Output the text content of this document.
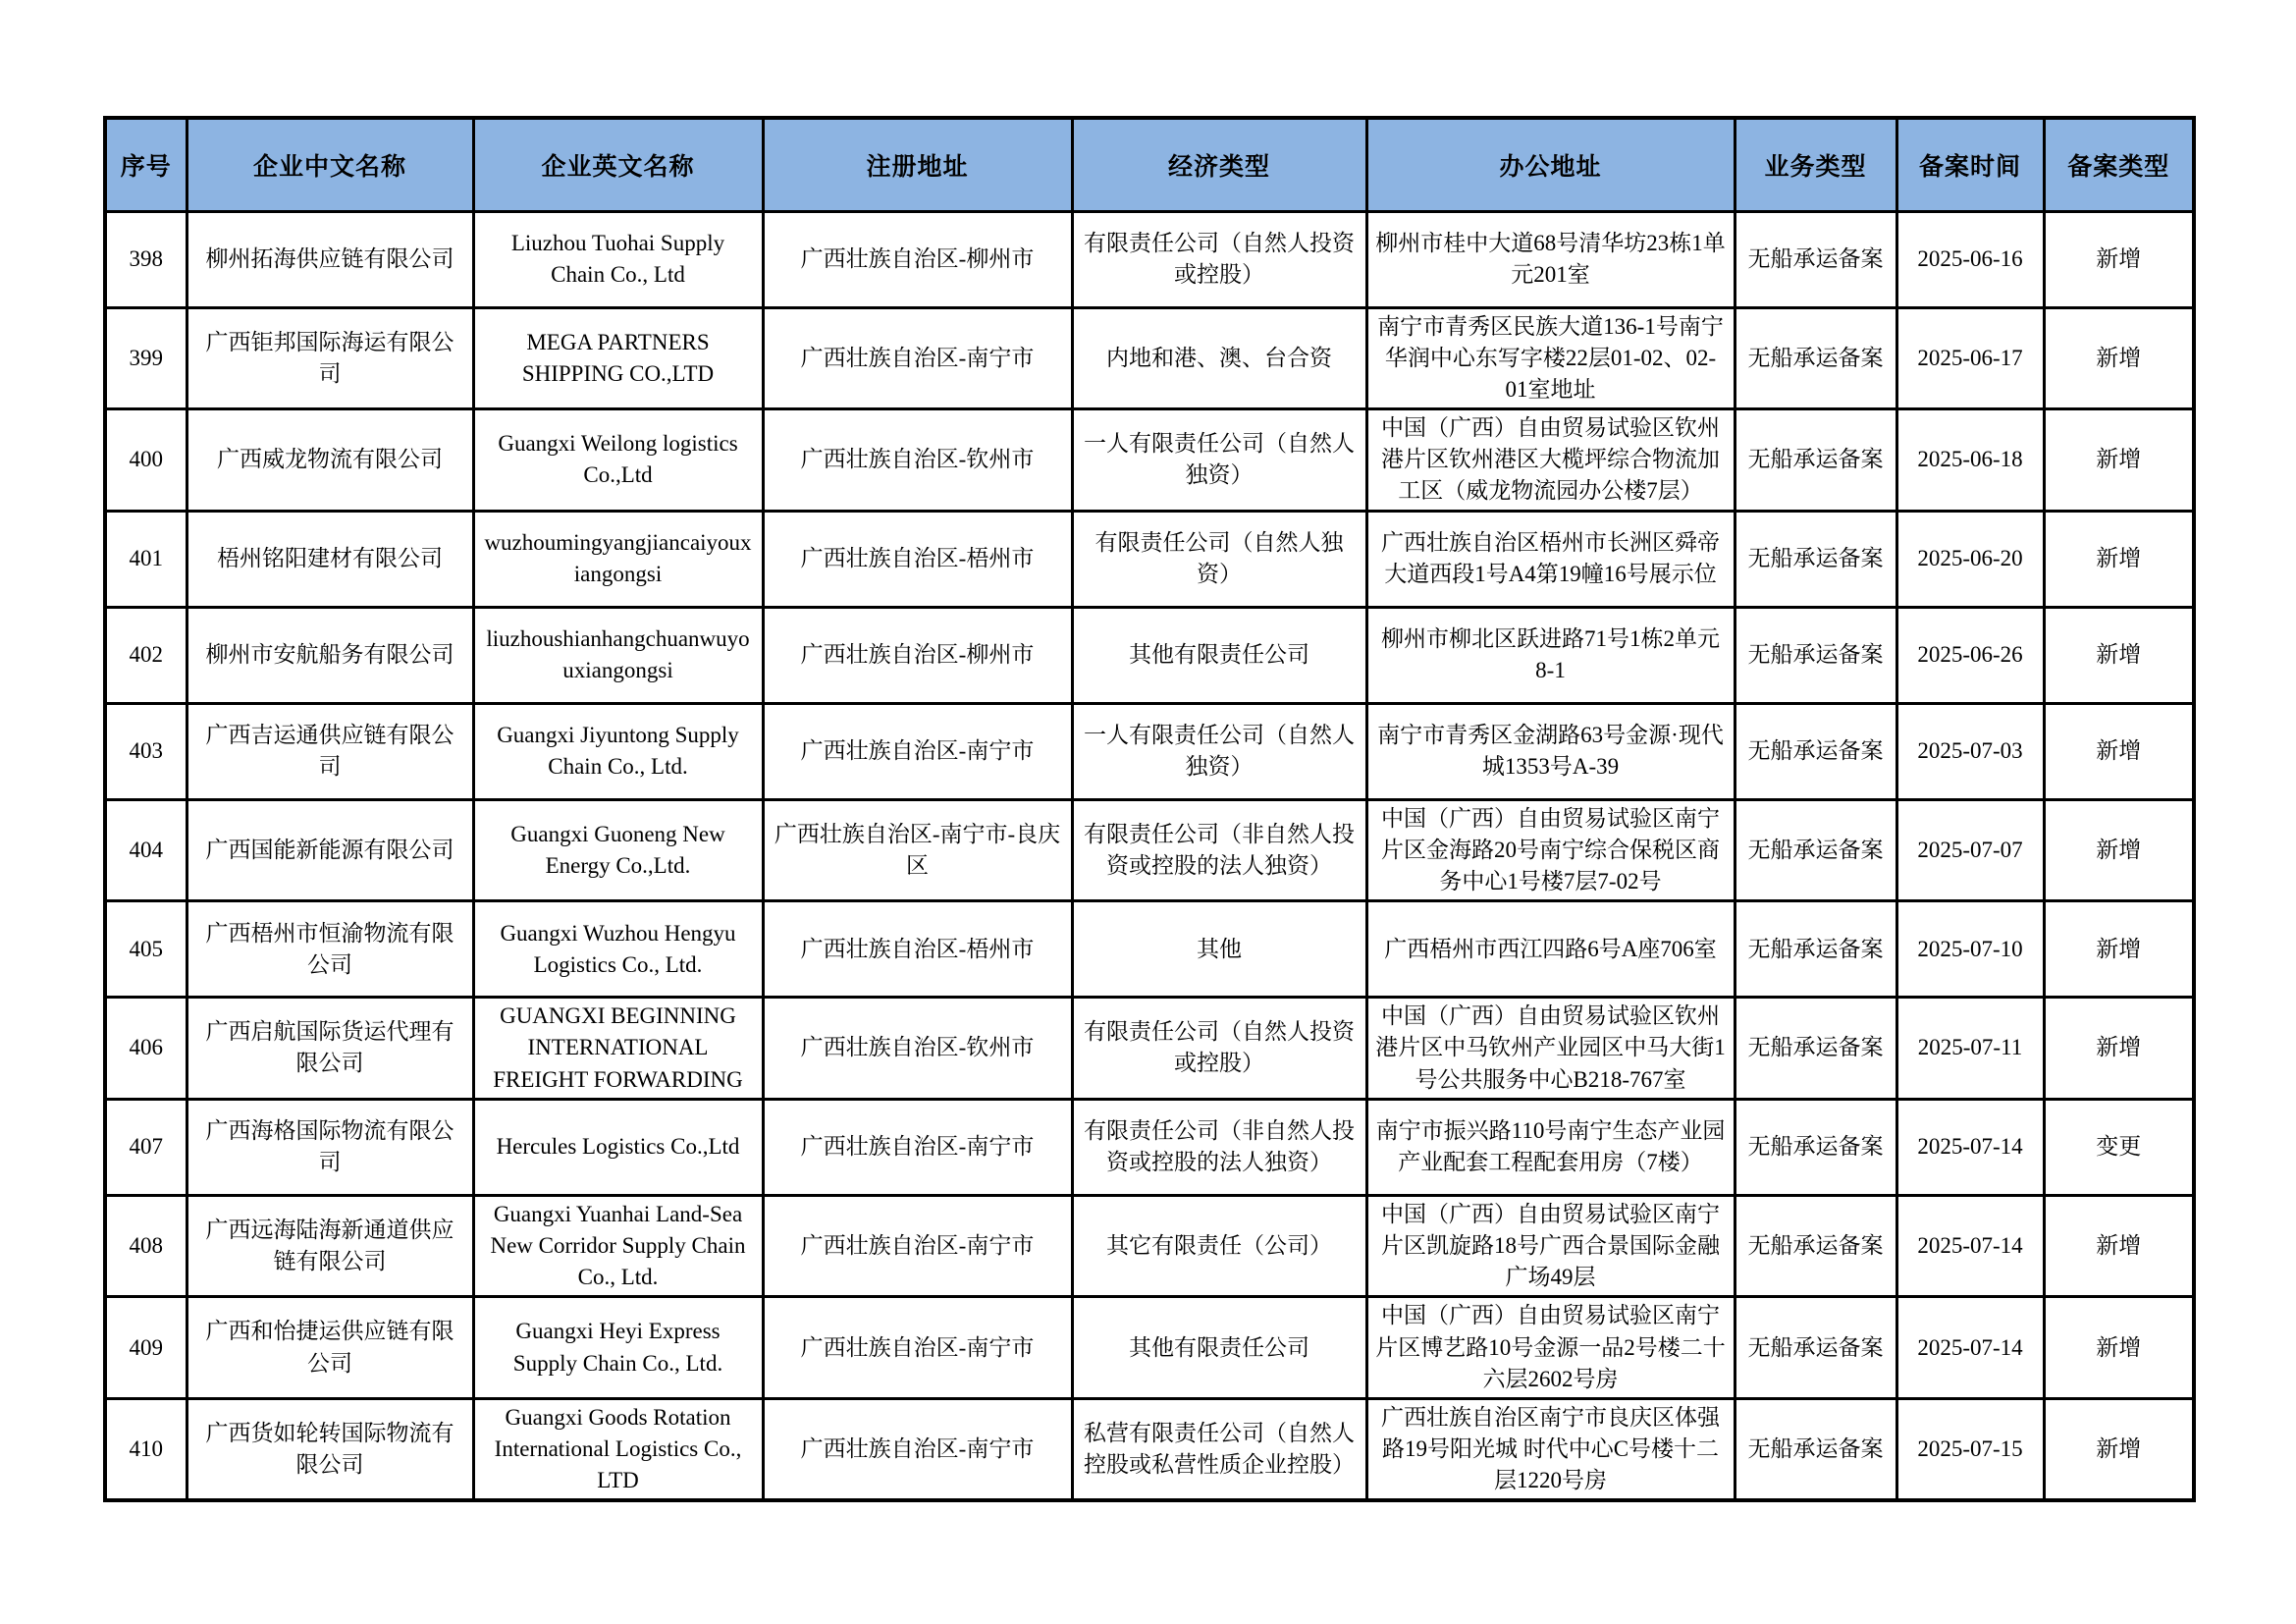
序号	企业中文名称	企业英文名称	注册地址	经济类型	办公地址	业务类型	备案时间	备案类型
398	柳州拓海供应链有限公司	Liuzhou Tuohai Supply Chain Co., Ltd	广西壮族自治区-柳州市	有限责任公司（自然人投资或控股）	柳州市桂中大道68号清华坊23栋1单元201室	无船承运备案	2025-06-16	新增
399	广西钜邦国际海运有限公司	MEGA PARTNERS SHIPPING CO.,LTD	广西壮族自治区-南宁市	内地和港、澳、台合资	南宁市青秀区民族大道136-1号南宁华润中心东写字楼22层01-02、02-01室地址	无船承运备案	2025-06-17	新增
400	广西威龙物流有限公司	Guangxi Weilong logistics Co.,Ltd	广西壮族自治区-钦州市	一人有限责任公司（自然人独资）	中国（广西）自由贸易试验区钦州港片区钦州港区大榄坪综合物流加工区（威龙物流园办公楼7层）	无船承运备案	2025-06-18	新增
401	梧州铭阳建材有限公司	wuzhoumingyangjiancaiyouxiangongsi	广西壮族自治区-梧州市	有限责任公司（自然人独资）	广西壮族自治区梧州市长洲区舜帝大道西段1号A4第19幢16号展示位	无船承运备案	2025-06-20	新增
402	柳州市安航船务有限公司	liuzhoushianhangchuanwuyouxiangongsi	广西壮族自治区-柳州市	其他有限责任公司	柳州市柳北区跃进路71号1栋2单元8-1	无船承运备案	2025-06-26	新增
403	广西吉运通供应链有限公司	Guangxi Jiyuntong Supply Chain Co., Ltd.	广西壮族自治区-南宁市	一人有限责任公司（自然人独资）	南宁市青秀区金湖路63号金源·现代城1353号A-39	无船承运备案	2025-07-03	新增
404	广西国能新能源有限公司	Guangxi Guoneng New Energy Co.,Ltd.	广西壮族自治区-南宁市-良庆区	有限责任公司（非自然人投资或控股的法人独资）	中国（广西）自由贸易试验区南宁片区金海路20号南宁综合保税区商务中心1号楼7层7-02号	无船承运备案	2025-07-07	新增
405	广西梧州市恒渝物流有限公司	Guangxi Wuzhou Hengyu Logistics Co., Ltd.	广西壮族自治区-梧州市	其他	广西梧州市西江四路6号A座706室	无船承运备案	2025-07-10	新增
406	广西启航国际货运代理有限公司	GUANGXI BEGINNING INTERNATIONAL FREIGHT FORWARDING	广西壮族自治区-钦州市	有限责任公司（自然人投资或控股）	中国（广西）自由贸易试验区钦州港片区中马钦州产业园区中马大街1号公共服务中心B218-767室	无船承运备案	2025-07-11	新增
407	广西海格国际物流有限公司	Hercules Logistics Co.,Ltd	广西壮族自治区-南宁市	有限责任公司（非自然人投资或控股的法人独资）	南宁市振兴路110号南宁生态产业园产业配套工程配套用房（7楼）	无船承运备案	2025-07-14	变更
408	广西远海陆海新通道供应链有限公司	Guangxi Yuanhai Land-Sea New Corridor Supply Chain Co., Ltd.	广西壮族自治区-南宁市	其它有限责任（公司）	中国（广西）自由贸易试验区南宁片区凯旋路18号广西合景国际金融广场49层	无船承运备案	2025-07-14	新增
409	广西和怡捷运供应链有限公司	Guangxi Heyi Express Supply Chain Co., Ltd.	广西壮族自治区-南宁市	其他有限责任公司	中国（广西）自由贸易试验区南宁片区博艺路10号金源一品2号楼二十六层2602号房	无船承运备案	2025-07-14	新增
410	广西货如轮转国际物流有限公司	Guangxi Goods Rotation International Logistics Co., LTD	广西壮族自治区-南宁市	私营有限责任公司（自然人控股或私营性质企业控股）	广西壮族自治区南宁市良庆区体强路19号阳光城 时代中心C号楼十二层1220号房	无船承运备案	2025-07-15	新增
